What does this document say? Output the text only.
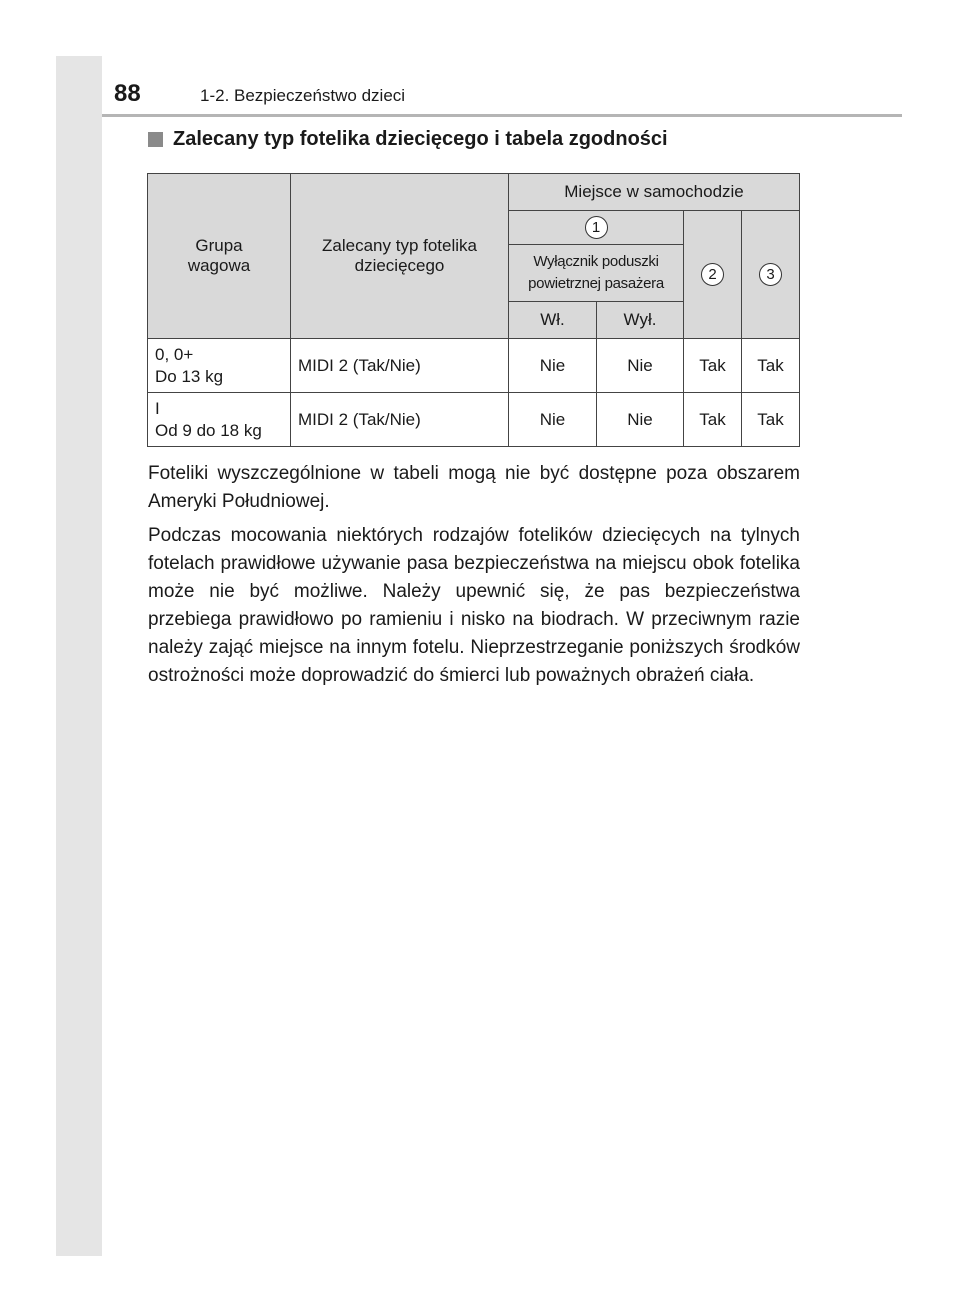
88	1-2. Bezpieczeństwo dzieci
Zalecany typ fotelika dziecięcego i tabela zgodności
Grupa wagowa	Zalecany typ fotelika dziecięcego	Miejsce w samochodzie			
		1		2	3
		Wyłącznik poduszki powietrznej pasażera			
		Wł.	Wył.		

0, 0+
Do 13 kg	MIDI 2 (Tak/Nie)	Nie	Nie	Tak	Tak

I
Od 9 do 18 kg	MIDI 2 (Tak/Nie)	Nie	Nie	Tak	Tak

Foteliki wyszczególnione w tabeli mogą nie być dostępne poza obszarem Ameryki Południowej.

Podczas mocowania niektórych rodzajów fotelików dziecięcych na tylnych fotelach prawidłowe używanie pasa bezpieczeństwa na miejscu obok fotelika może nie być możliwe. Należy upewnić się, że pas bezpieczeństwa przebiega prawidłowo po ramieniu i nisko na biodrach. W przeciwnym razie należy zająć miejsce na innym fotelu. Nieprzestrzeganie poniższych środków ostrożności może doprowadzić do śmierci lub poważnych obrażeń ciała.
